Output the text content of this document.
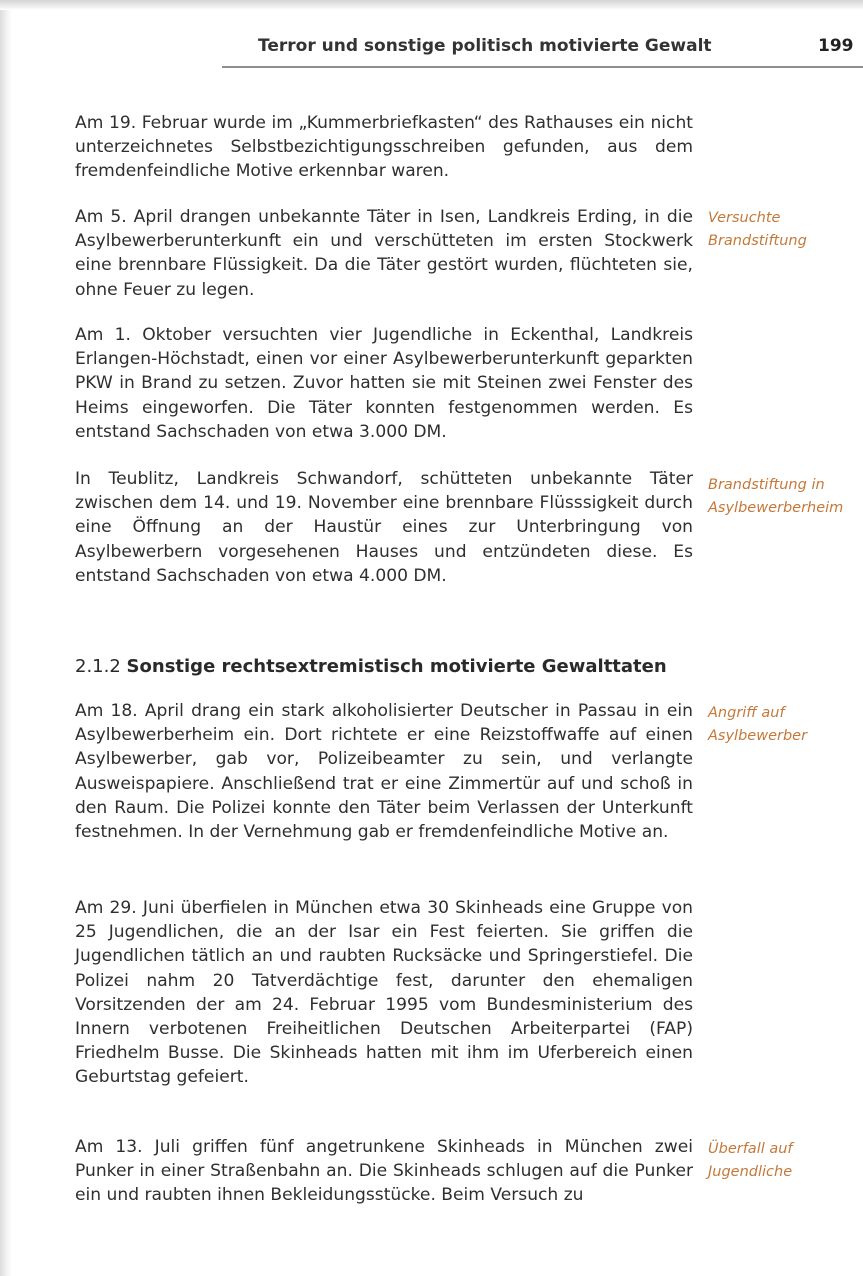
Terror und sonstige politisch motivierte Gewalt	199

Am 19. Februar wurde im „Kummerbriefkasten“ des Rathauses ein nicht unterzeichnetes Selbstbezichtigungsschreiben gefunden, aus dem fremdenfeindliche Motive erkennbar waren.

Am 5. April drangen unbekannte Täter in Isen, Landkreis Erding, in die Asylbewerberunterkunft ein und verschütteten im ersten Stockwerk eine brennbare Flüssigkeit. Da die Täter gestört wurden, flüchteten sie, ohne Feuer zu legen.

Versuchte Brandstiftung

Am 1. Oktober versuchten vier Jugendliche in Eckenthal, Landkreis Erlangen-Höchstadt, einen vor einer Asylbewerberunterkunft geparkten PKW in Brand zu setzen. Zuvor hatten sie mit Steinen zwei Fenster des Heims eingeworfen. Die Täter konnten festgenommen werden. Es entstand Sachschaden von etwa 3.000 DM.

In Teublitz, Landkreis Schwandorf, schütteten unbekannte Täter zwischen dem 14. und 19. November eine brennbare Flüsssigkeit durch eine Öffnung an der Haustür eines zur Unterbringung von Asylbewerbern vorgesehenen Hauses und entzündeten diese. Es entstand Sachschaden von etwa 4.000 DM.

Brandstiftung in Asylbewerberheim
2.1.2 Sonstige rechtsextremistisch motivierte Gewalttaten

Am 18. April drang ein stark alkoholisierter Deutscher in Passau in ein Asylbewerberheim ein. Dort richtete er eine Reizstoffwaffe auf einen Asylbewerber, gab vor, Polizeibeamter zu sein, und verlangte Ausweispapiere. Anschließend trat er eine Zimmertür auf und schoß in den Raum. Die Polizei konnte den Täter beim Verlassen der Unterkunft festnehmen. In der Vernehmung gab er fremdenfeindliche Motive an.

Angriff auf Asylbewerber

Am 29. Juni überfielen in München etwa 30 Skinheads eine Gruppe von 25 Jugendlichen, die an der Isar ein Fest feierten. Sie griffen die Jugendlichen tätlich an und raubten Rucksäcke und Springerstiefel. Die Polizei nahm 20 Tatverdächtige fest, darunter den ehemaligen Vorsitzenden der am 24. Februar 1995 vom Bundesministerium des Innern verbotenen Freiheitlichen Deutschen Arbeiterpartei (FAP) Friedhelm Busse. Die Skinheads hatten mit ihm im Uferbereich einen Geburtstag gefeiert.

Am 13. Juli griffen fünf angetrunkene Skinheads in München zwei Punker in einer Straßenbahn an. Die Skinheads schlugen auf die Punker ein und raubten ihnen Bekleidungsstücke. Beim Versuch zu

Überfall auf Jugendliche
